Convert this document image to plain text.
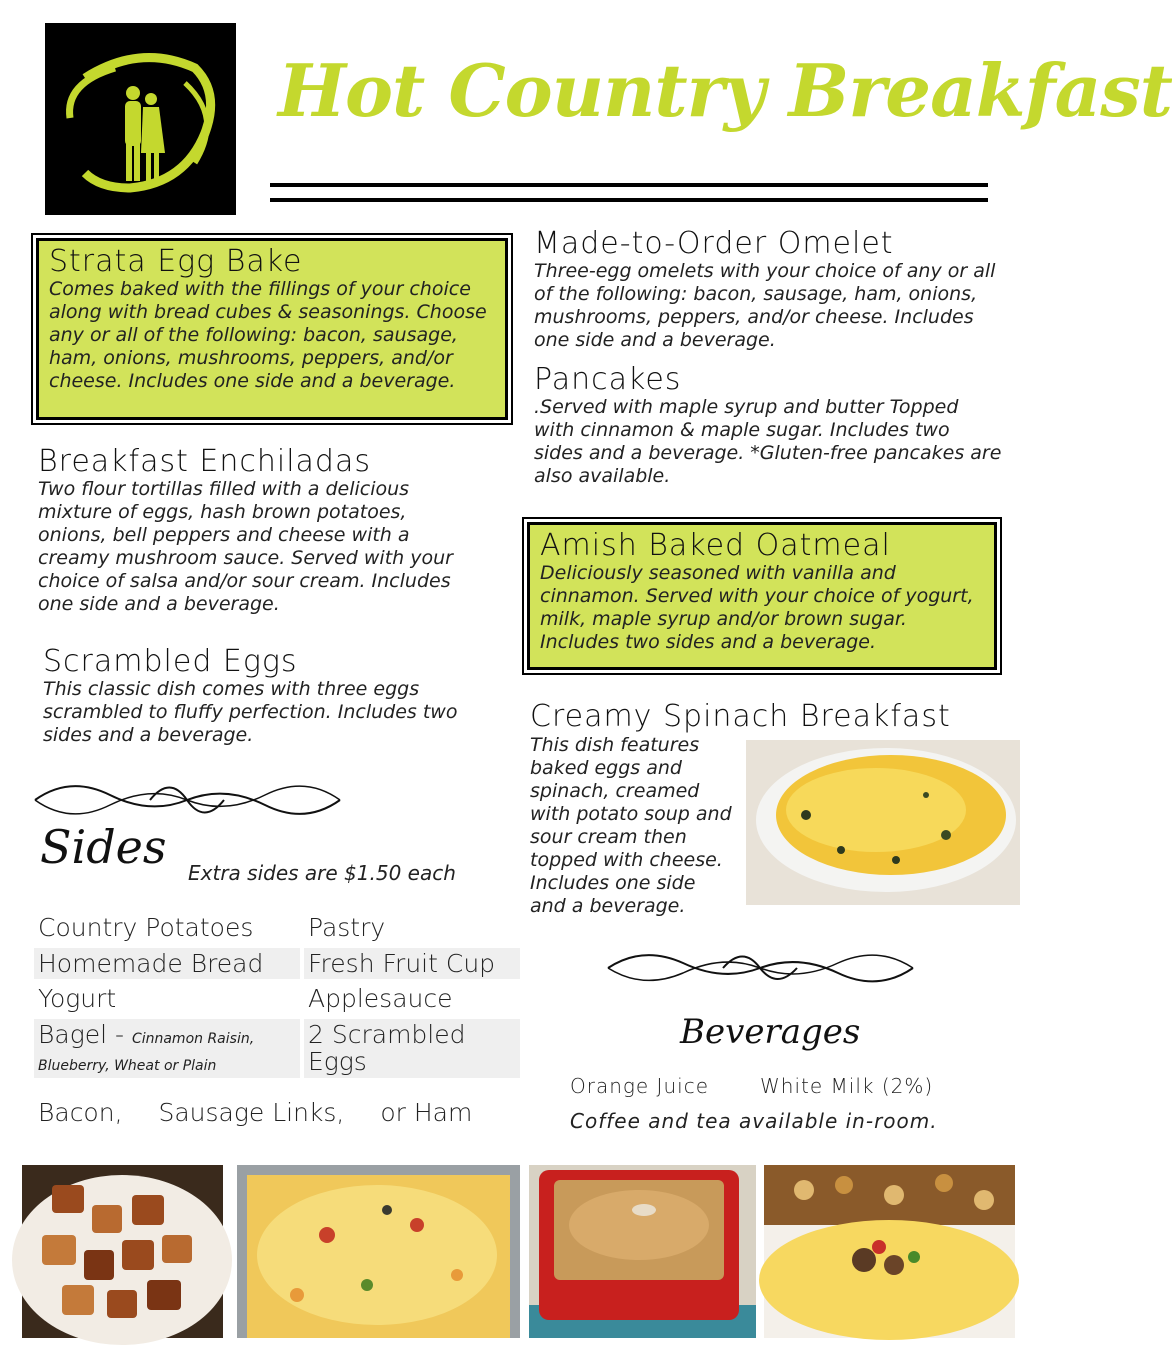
Hot Country Breakfast
Strata Egg Bake
Comes baked with the fillings of your choice along with bread cubes & seasonings. Choose any or all of the following: bacon, sausage, ham, onions, mushrooms, peppers, and/or cheese. Includes one side and a beverage.
Breakfast Enchiladas
Two flour tortillas filled with a delicious mixture of eggs, hash brown potatoes, onions, bell peppers and cheese with a creamy mushroom sauce. Served with your choice of salsa and/or sour cream. Includes one side and a beverage.
Scrambled Eggs
This classic dish comes with three eggs scrambled to fluffy perfection. Includes two sides and a beverage.
Sides Extra sides are $1.50 each
Country Potatoes	Pastry
Homemade Bread	Fresh Fruit Cup
Yogurt	Applesauce
Bagel - Cinnamon Raisin, Blueberry, Wheat or Plain	2 Scrambled Eggs
Bacon, Sausage Links, or Ham
Made-to-Order Omelet
Three-egg omelets with your choice of any or all of the following: bacon, sausage, ham, onions, mushrooms, peppers, and/or cheese. Includes one side and a beverage.
Pancakes
.Served with maple syrup and butter Topped with cinnamon & maple sugar. Includes two sides and a beverage. *Gluten-free pancakes are also available.
Amish Baked Oatmeal
Deliciously seasoned with vanilla and cinnamon. Served with your choice of yogurt, milk, maple syrup and/or brown sugar. Includes two sides and a beverage.
Creamy Spinach Breakfast
This dish features baked eggs and spinach, creamed with potato soup and sour cream then topped with cheese. Includes one side and a beverage.
Beverages
Orange Juice	White Milk (2%)
Coffee and tea available in-room.
